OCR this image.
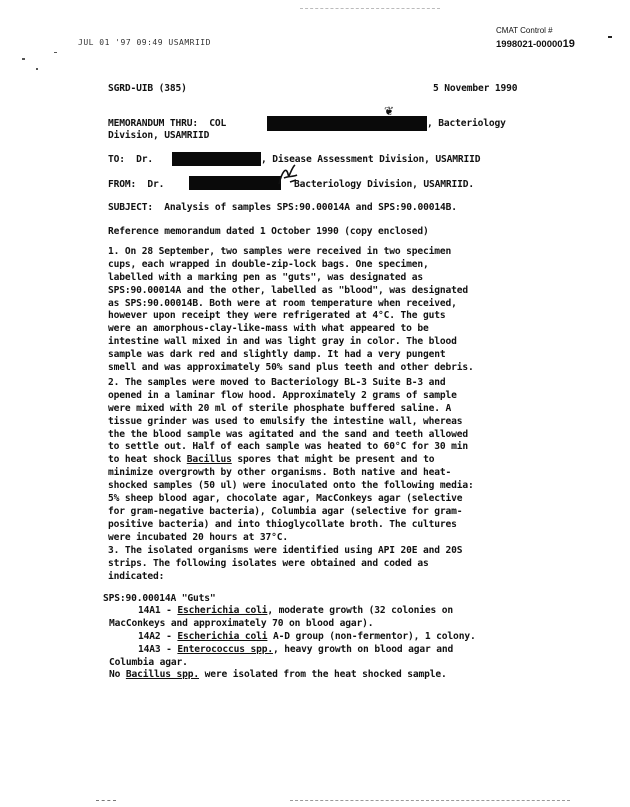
JUL 01 '97 09:49 USAMRIID
CMAT Control #
1998021-0000019
SGRD-UIB (385)	5 November 1990
MEMORANDUM THRU: COL
❦
, Bacteriology
Division, USAMRIID
TO: Dr.	, Disease Assessment Division, USAMRIID
FROM: Dr.	Bacteriology Division, USAMRIID.
SUBJECT: Analysis of samples SPS:90.00014A and SPS:90.00014B.
Reference memorandum dated 1 October 1990 (copy enclosed)
1. On 28 September, two samples were received in two specimen
cups, each wrapped in double-zip-lock bags. One specimen,
labelled with a marking pen as "guts", was designated as
SPS:90.00014A and the other, labelled as "blood", was designated
as SPS:90.00014B. Both were at room temperature when received,
however upon receipt they were refrigerated at 4°C. The guts
were an amorphous-clay-like-mass with what appeared to be
intestine wall mixed in and was light gray in color. The blood
sample was dark red and slightly damp. It had a very pungent
smell and was approximately 50% sand plus teeth and other debris.
2. The samples were moved to Bacteriology BL-3 Suite B-3 and
opened in a laminar flow hood. Approximately 2 grams of sample
were mixed with 20 ml of sterile phosphate buffered saline. A
tissue grinder was used to emulsify the intestine wall, whereas
the the blood sample was agitated and the sand and teeth allowed
to settle out. Half of each sample was heated to 60°C for 30 min
to heat shock Bacillus spores that might be present and to
minimize overgrowth by other organisms. Both native and heat-
shocked samples (50 ul) were inoculated onto the following media:
5% sheep blood agar, chocolate agar, MacConkeys agar (selective
for gram-negative bacteria), Columbia agar (selective for gram-
positive bacteria) and into thioglycollate broth. The cultures
were incubated 20 hours at 37°C.
3. The isolated organisms were identified using API 20E and 20S
strips. The following isolates were obtained and coded as
indicated:
SPS:90.00014A "Guts"
14A1 - Escherichia coli, moderate growth (32 colonies on
MacConkeys and approximately 70 on blood agar).
14A2 - Escherichia coli A-D group (non-fermentor), 1 colony.
14A3 - Enterococcus spp., heavy growth on blood agar and
Columbia agar.
No Bacillus spp. were isolated from the heat shocked sample.
